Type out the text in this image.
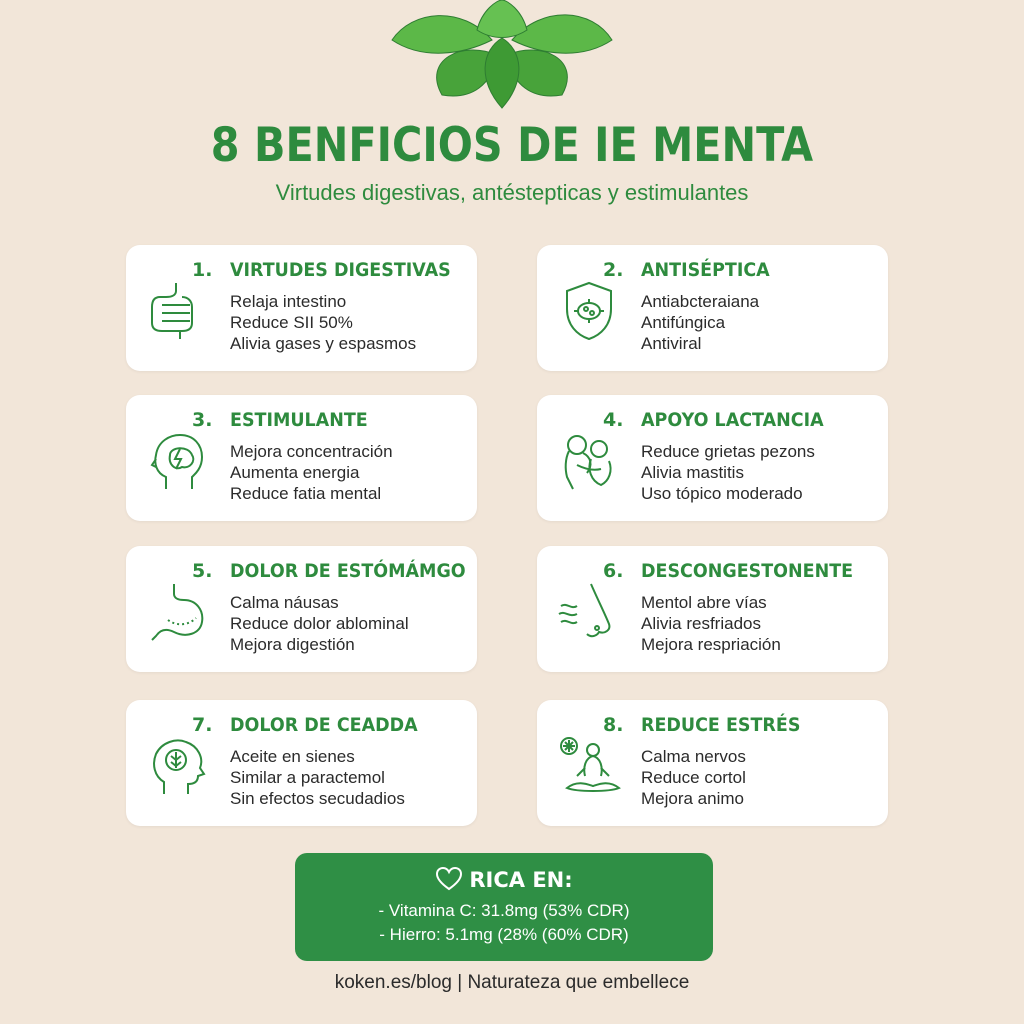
8 BENFICIOS DE IE MENTA
Virtudes digestivas, antéstepticas y estimulantes
1. VIRTUDES DIGESTIVAS
Relaja intestino
Reduce SII 50%
Alivia gases y espasmos
2. ANTISÉPTICA
Antiabcteraiana
Antifúngica
Antiviral
3. ESTIMULANTE
Mejora concentración
Aumenta energia
Reduce fatia mental
4. APOYO LACTANCIA
Reduce grietas pezons
Alivia mastitis
Uso tópico moderado
5. DOLOR DE ESTÓMÁMGO
Calma náusas
Reduce dolor ablominal
Mejora digestión
6. DESCONGESTONENTE
Mentol abre vías
Alivia resfriados
Mejora respriación
7. DOLOR DE CEADDA
Aceite en sienes
Similar a paractemol
Sin efectos secudadios
8. REDUCE ESTRÉS
Calma nervos
Reduce cortol
Mejora animo
RICA EN:
- Vitamina C: 31.8mg (53% CDR)
- Hierro: 5.1mg (28% (60% CDR)
koken.es/blog | Naturateza que embellece
